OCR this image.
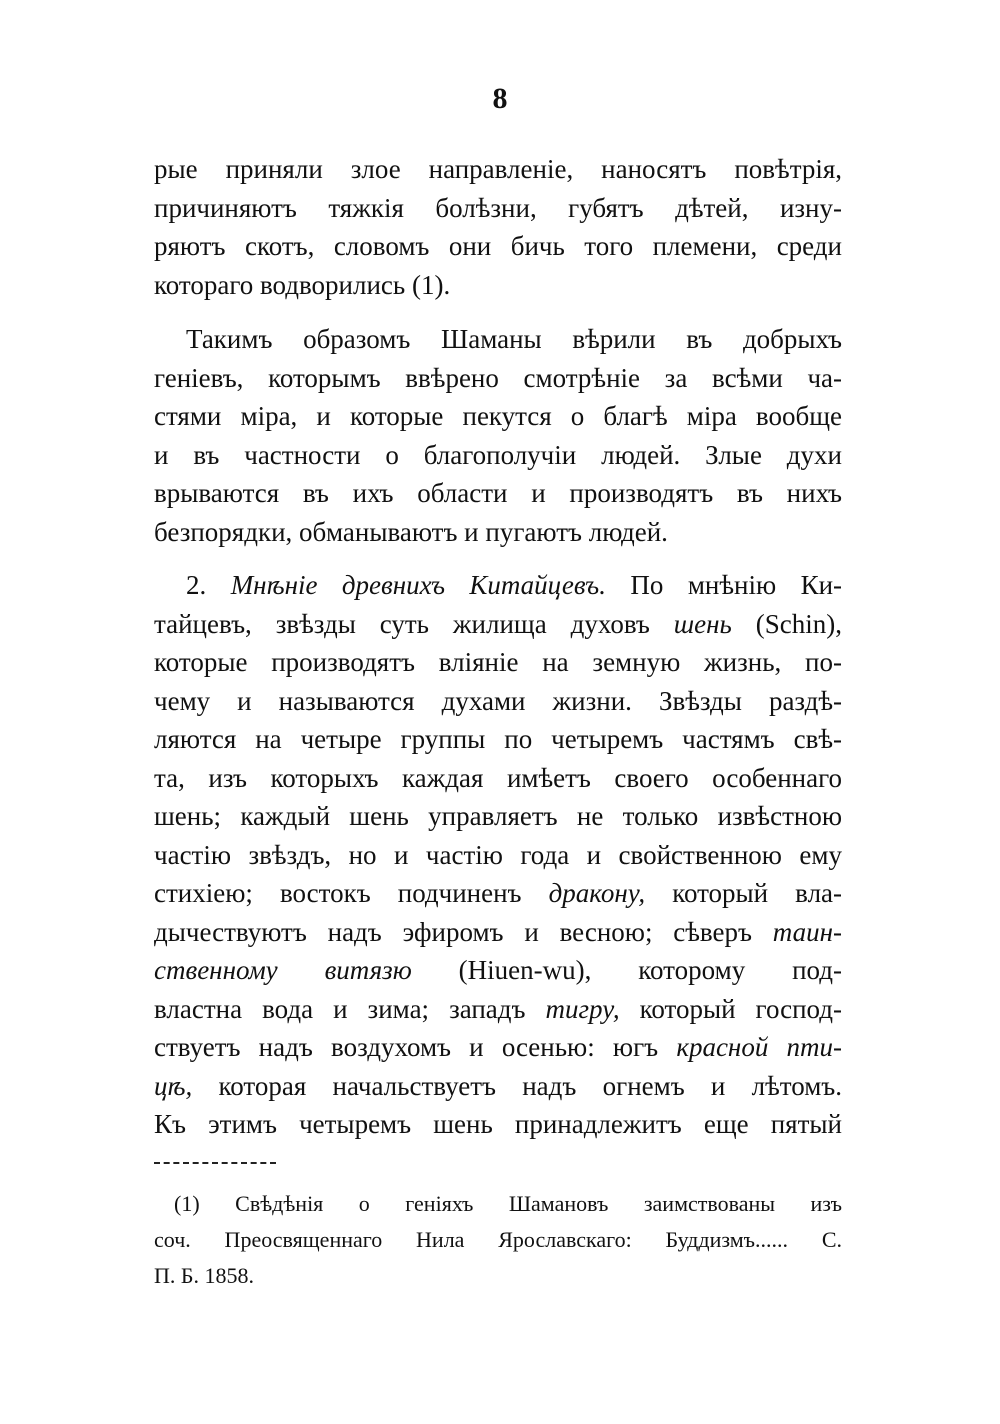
8
рые приняли злое направленіе, наносятъ повѣтрія,
причиняютъ тяжкія болѣзни, губятъ дѣтей, изну-
ряютъ скотъ, словомъ они бичь того племени, среди
котораго водворились (1).
Такимъ образомъ Шаманы вѣрили въ добрыхъ
геніевъ, которымъ ввѣрено смотрѣніе за всѣми ча-
стями міра, и которые пекутся о благѣ міра вообще
и въ частности о благополучіи людей. Злые духи
врываются въ ихъ области и производятъ въ нихъ
безпорядки, обманываютъ и пугаютъ людей.
2. Мнѣніе древнихъ Китайцевъ. По мнѣнію Ки-
тайцевъ, звѣзды суть жилища духовъ шень (Schin),
которые производятъ вліяніе на земную жизнь, по-
чему и называются духами жизни. Звѣзды раздѣ-
ляются на четыре группы по четыремъ частямъ свѣ-
та, изъ которыхъ каждая имѣетъ своего особеннаго
шень; каждый шень управляетъ не только извѣстною
частію звѣздъ, но и частію года и свойственною ему
стихіею; востокъ подчиненъ дракону, который вла-
дычествуютъ надъ эфиромъ и весною; сѣверъ таин-
ственному витязю (Hiuen-wu), которому под-
властна вода и зима; западъ тигру, который господ-
ствуетъ надъ воздухомъ и осенью: югъ красной пти-
цѣ, которая начальствуетъ надъ огнемъ и лѣтомъ.
Къ этимъ четыремъ шень принадлежитъ еще пятый
(1) Свѣдѣнія о геніяхъ Шамановъ заимствованы изъ
соч. Преосвященнаго Нила Ярославскаго: Буддизмъ...... С.
П. Б. 1858.
